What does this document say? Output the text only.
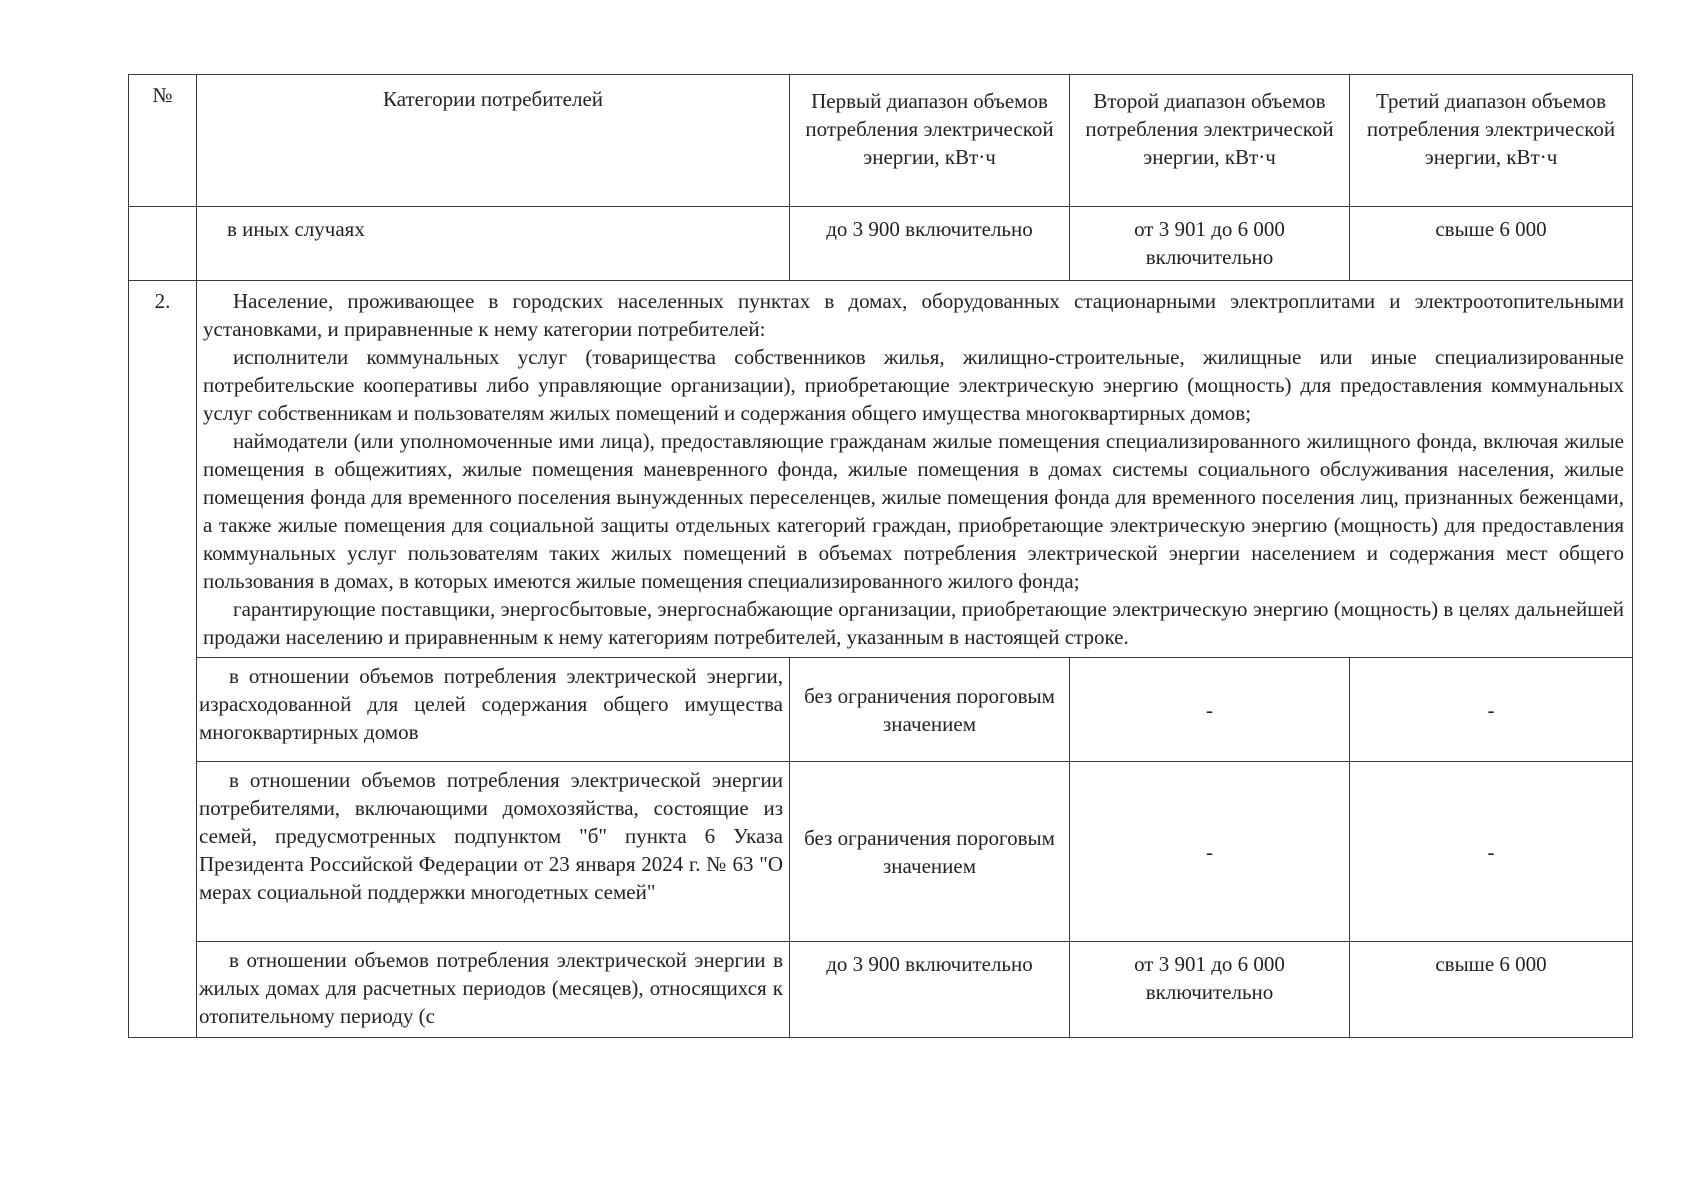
№	Категории потребителей	Первый диапазон объемов потребления электрической энергии, кВт·ч	Второй диапазон объемов потребления электрической энергии, кВт·ч	Третий диапазон объемов потребления электрической энергии, кВт·ч
	в иных случаях	до 3 900 включительно	от 3 901 до 6 000 включительно	свыше 6 000
2.	Население, проживающее в городских населенных пунктах в домах, оборудованных стационарными электроплитами и электроотопительными установками, и приравненные к нему категории потребителей:

исполнители коммунальных услуг (товарищества собственников жилья, жилищно-строительные, жилищные или иные специализированные потребительские кооперативы либо управляющие организации), приобретающие электрическую энергию (мощность) для предоставления коммунальных услуг собственникам и пользователям жилых помещений и содержания общего имущества многоквартирных домов;

наймодатели (или уполномоченные ими лица), предоставляющие гражданам жилые помещения специализированного жилищного фонда, включая жилые помещения в общежитиях, жилые помещения маневренного фонда, жилые помещения в домах системы социального обслуживания населения, жилые помещения фонда для временного поселения вынужденных переселенцев, жилые помещения фонда для временного поселения лиц, признанных беженцами, а также жилые помещения для социальной защиты отдельных категорий граждан, приобретающие электрическую энергию (мощность) для предоставления коммунальных услуг пользователям таких жилых помещений в объемах потребления электрической энергии населением и содержания мест общего пользования в домах, в которых имеются жилые помещения специализированного жилого фонда;

гарантирующие поставщики, энергосбытовые, энергоснабжающие организации, приобретающие электрическую энергию (мощность) в целях дальнейшей продажи населению и приравненным к нему категориям потребителей, указанным в настоящей строке.			

	в отношении объемов потребления электрической энергии, израсходованной для целей содержания общего имущества многоквартирных домов	без ограничения пороговым значением	-	-

	в отношении объемов потребления электрической энергии потребителями, включающими домохозяйства, состоящие из семей, предусмотренных подпунктом "б" пункта 6 Указа Президента Российской Федерации от 23 января 2024 г. № 63 "О мерах социальной поддержки многодетных семей"	без ограничения пороговым значением	-	-

	в отношении объемов потребления электрической энергии в жилых домах для расчетных периодов (месяцев), относящихся к отопительному периоду (с	до 3 900 включительно	от 3 901 до 6 000 включительно	свыше 6 000
